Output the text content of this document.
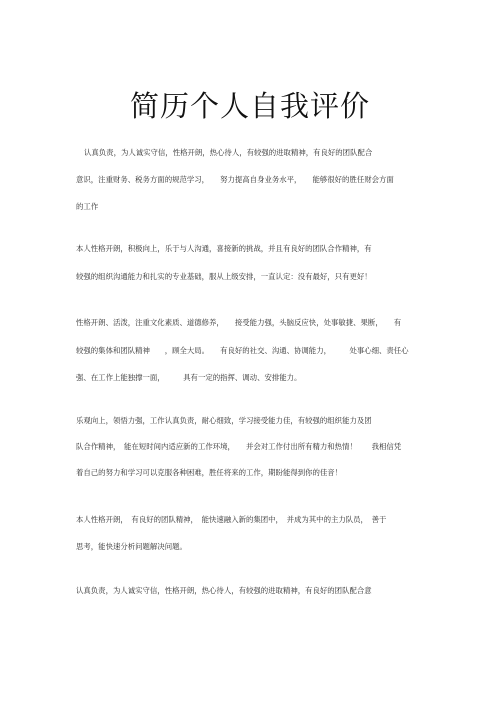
简历个人自我评价
认真负责，为人诚实守信，性格开朗，热心待人，有较强的进取精神，有良好的团队配合
意识，注重财务、税务方面的规范学习，　　努力提高自身业务水平，　　能够很好的胜任财会方面
的工作
本人性格开朗，积极向上，乐于与人沟通，喜接新的挑战，并且有良好的团队合作精神，有
较强的组织沟通能力和扎实的专业基础，服从上级安排，一直认定：没有最好，只有更好！
性格开朗、活泼，注重文化素质、道德修养，　　接受能力强，头脑反应快，处事敏捷、果断，　　有
较强的集体和团队精神　　，顾全大局。　　有良好的社交、沟通、协调能力，　　　处事心细、责任心
强、在工作上能独撑一面，　　　具有一定的指挥、调动、安排能力。
乐观向上，领悟力强，工作认真负责，耐心细致，学习接受能力佳，有较强的组织能力及团
队合作精神，　能在短时间内适应新的工作环境，　　并会对工作付出所有精力和热情！　　我相信凭
着自己的努力和学习可以克服各种困难，胜任将来的工作，期盼能得到你的佳音！
本人性格开朗，　有良好的团队精神，　能快速融入新的集团中，　并成为其中的主力队员，　善于
思考，能快速分析问题解决问题。
认真负责，为人诚实守信，性格开朗，热心待人，有较强的进取精神，有良好的团队配合意
